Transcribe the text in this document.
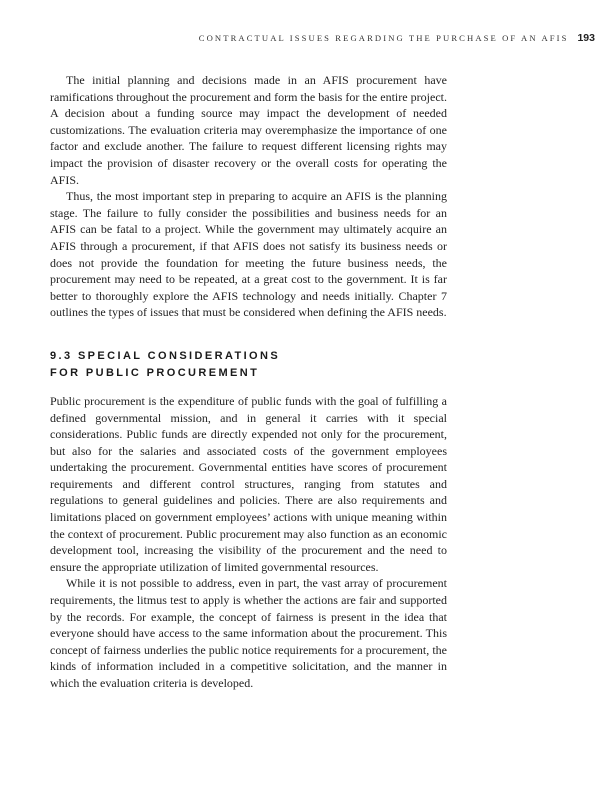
CONTRACTUAL ISSUES REGARDING THE PURCHASE OF AN AFIS 193

The initial planning and decisions made in an AFIS procurement have ramifications throughout the procurement and form the basis for the entire project. A decision about a funding source may impact the development of needed customizations. The evaluation criteria may overemphasize the importance of one factor and exclude another. The failure to request different licensing rights may impact the provision of disaster recovery or the overall costs for operating the AFIS.

Thus, the most important step in preparing to acquire an AFIS is the planning stage. The failure to fully consider the possibilities and business needs for an AFIS can be fatal to a project. While the government may ultimately acquire an AFIS through a procurement, if that AFIS does not satisfy its business needs or does not provide the foundation for meeting the future business needs, the procurement may need to be repeated, at a great cost to the government. It is far better to thoroughly explore the AFIS technology and needs initially. Chapter 7 outlines the types of issues that must be considered when defining the AFIS needs.

9.3 SPECIAL CONSIDERATIONS
FOR PUBLIC PROCUREMENT

Public procurement is the expenditure of public funds with the goal of fulfilling a defined governmental mission, and in general it carries with it special considerations. Public funds are directly expended not only for the procurement, but also for the salaries and associated costs of the government employees undertaking the procurement. Governmental entities have scores of procurement requirements and different control structures, ranging from statutes and regulations to general guidelines and policies. There are also requirements and limitations placed on government employees’ actions with unique meaning within the context of procurement. Public procurement may also function as an economic development tool, increasing the visibility of the procurement and the need to ensure the appropriate utilization of limited governmental resources.

While it is not possible to address, even in part, the vast array of procurement requirements, the litmus test to apply is whether the actions are fair and supported by the records. For example, the concept of fairness is present in the idea that everyone should have access to the same information about the procurement. This concept of fairness underlies the public notice requirements for a procurement, the kinds of information included in a competitive solicitation, and the manner in which the evaluation criteria is developed.
